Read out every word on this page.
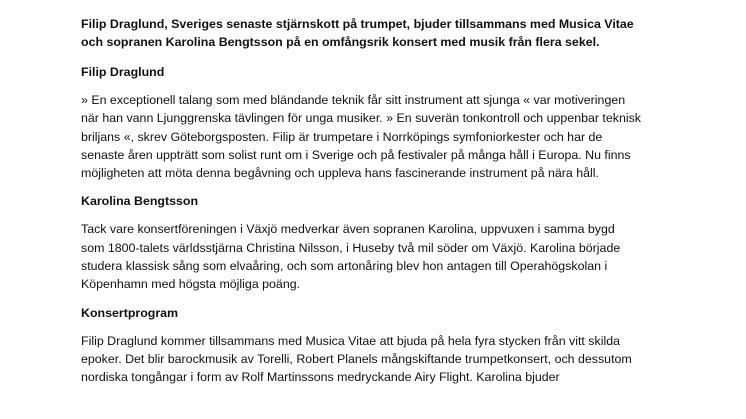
Filip Draglund, Sveriges senaste stjärnskott på trumpet, bjuder tillsammans med Musica Vitae och sopranen Karolina Bengtsson på en omfångsrik konsert med musik från flera sekel.

Filip Draglund

» En exceptionell talang som med bländande teknik får sitt instrument att sjunga « var motiveringen när han vann Ljunggrenska tävlingen för unga musiker. » En suverän tonkontroll och uppenbar teknisk briljans «, skrev Göteborgsposten. Filip är trumpetare i Norrköpings symfoniorkester och har de senaste åren uppträtt som solist runt om i Sverige och på festivaler på många håll i Europa. Nu finns möjligheten att möta denna begåvning och uppleva hans fascinerande instrument på nära håll.

Karolina Bengtsson

Tack vare konsertföreningen i Växjö medverkar även sopranen Karolina, uppvuxen i samma bygd som 1800-talets världsstjärna Christina Nilsson, i Huseby två mil söder om Växjö. Karolina började studera klassisk sång som elvaåring, och som artonåring blev hon antagen till Operahögskolan i Köpenhamn med högsta möjliga poäng.

Konsertprogram

Filip Draglund kommer tillsammans med Musica Vitae att bjuda på hela fyra stycken från vitt skilda epoker. Det blir barockmusik av Torelli, Robert Planels mångskiftande trumpetkonsert, och dessutom nordiska tongångar i form av Rolf Martinssons medryckande Airy Flight. Karolina bjuder
